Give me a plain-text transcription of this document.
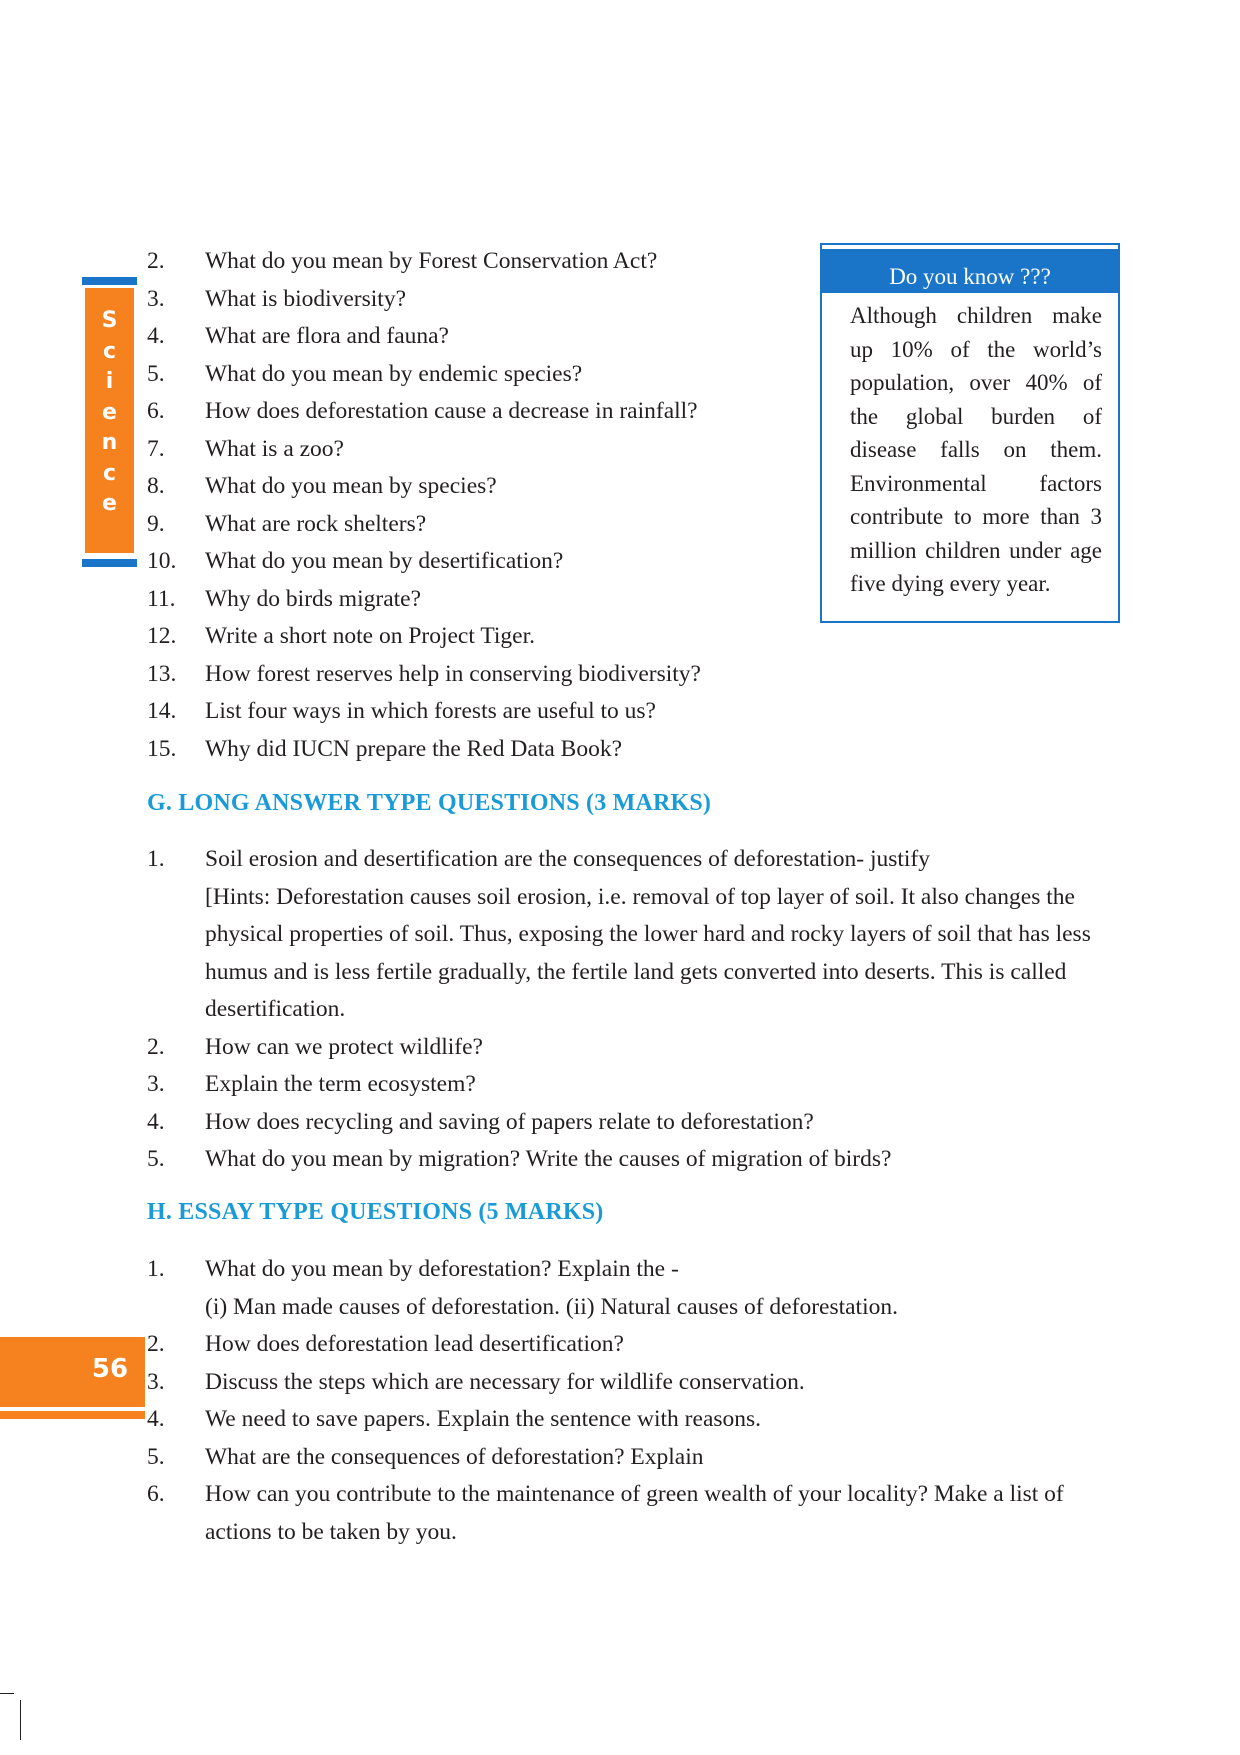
S
c
i
e
n
c
e
2. What do you mean by Forest Conservation Act?
3. What is biodiversity?
4. What are flora and fauna?
5. What do you mean by endemic species?
6. How does deforestation cause a decrease in rainfall?
7. What is a zoo?
8. What do you mean by species?
9. What are rock shelters?
10. What do you mean by desertification?
11. Why do birds migrate?
12. Write a short note on Project Tiger.
13. How forest reserves help in conserving biodiversity?
14. List four ways in which forests are useful to us?
15. Why did IUCN prepare the Red Data Book?
Do you know ???
Although children make up 10% of the world’s population, over 40% of the global burden of disease falls on them. Environmental factors contribute to more than 3 million children under age five dying every year.
G. LONG ANSWER TYPE QUESTIONS (3 MARKS)
1. Soil erosion and desertification are the consequences of deforestation- justify
[Hints: Deforestation causes soil erosion, i.e. removal of top layer of soil. It also changes the
physical properties of soil. Thus, exposing the lower hard and rocky layers of soil that has less
humus and is less fertile gradually, the fertile land gets converted into deserts. This is called
desertification.
2. How can we protect wildlife?
3. Explain the term ecosystem?
4. How does recycling and saving of papers relate to deforestation?
5. What do you mean by migration? Write the causes of migration of birds?
H. ESSAY TYPE QUESTIONS (5 MARKS)
1. What do you mean by deforestation? Explain the -
(i) Man made causes of deforestation. (ii) Natural causes of deforestation.
2. How does deforestation lead desertification?
3. Discuss the steps which are necessary for wildlife conservation.
4. We need to save papers. Explain the sentence with reasons.
5. What are the consequences of deforestation? Explain
6. How can you contribute to the maintenance of green wealth of your locality? Make a list of
actions to be taken by you.
56
